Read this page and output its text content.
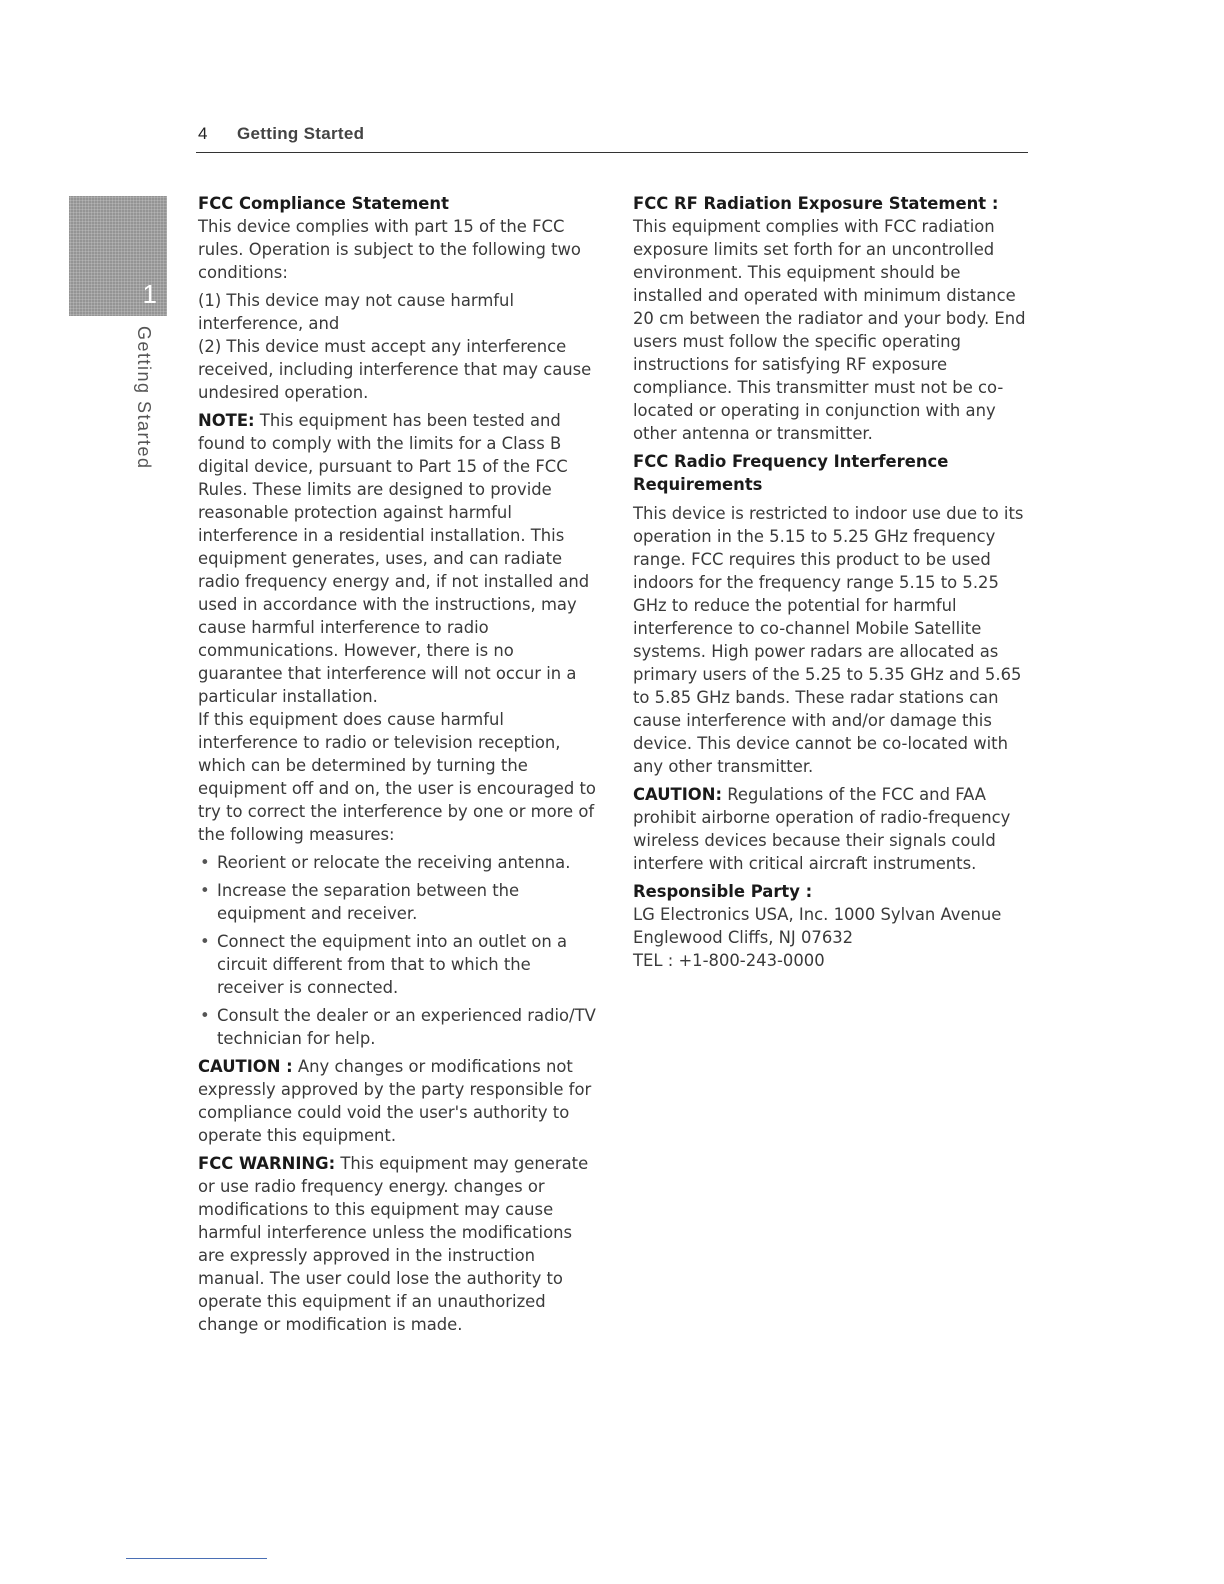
4 Getting Started
1
Getting Started
FCC Compliance Statement

This device complies with part 15 of the FCC rules. Operation is subject to the following two conditions:

(1) This device may not cause harmful interference, and

(2) This device must accept any interference received, including interference that may cause undesired operation.

NOTE: This equipment has been tested and found to comply with the limits for a Class B digital device, pursuant to Part 15 of the FCC Rules. These limits are designed to provide reasonable protection against harmful interference in a residential installation. This equipment generates, uses, and can radiate radio frequency energy and, if not installed and used in accordance with the instructions, may cause harmful interference to radio communications. However, there is no guarantee that interference will not occur in a particular installation.

If this equipment does cause harmful interference to radio or television reception, which can be determined by turning the equipment off and on, the user is encouraged to try to correct the interference by one or more of the following measures:

• Reorient or relocate the receiving antenna.
• Increase the separation between the equipment and receiver.
• Connect the equipment into an outlet on a circuit different from that to which the receiver is connected.
• Consult the dealer or an experienced radio/TV technician for help.

CAUTION : Any changes or modifications not expressly approved by the party responsible for compliance could void the user's authority to operate this equipment.

FCC WARNING: This equipment may generate or use radio frequency energy. changes or modifications to this equipment may cause harmful interference unless the modifications are expressly approved in the instruction manual. The user could lose the authority to operate this equipment if an unauthorized change or modification is made.

FCC RF Radiation Exposure Statement : This equipment complies with FCC radiation exposure limits set forth for an uncontrolled environment. This equipment should be installed and operated with minimum distance 20 cm between the radiator and your body. End users must follow the specific operating instructions for satisfying RF exposure compliance. This transmitter must not be co-located or operating in conjunction with any other antenna or transmitter.

FCC Radio Frequency Interference Requirements

This device is restricted to indoor use due to its operation in the 5.15 to 5.25 GHz frequency range. FCC requires this product to be used indoors for the frequency range 5.15 to 5.25 GHz to reduce the potential for harmful interference to co-channel Mobile Satellite systems. High power radars are allocated as primary users of the 5.25 to 5.35 GHz and 5.65 to 5.85 GHz bands. These radar stations can cause interference with and/or damage this device. This device cannot be co-located with any other transmitter.

CAUTION: Regulations of the FCC and FAA prohibit airborne operation of radio-frequency wireless devices because their signals could interfere with critical aircraft instruments.

Responsible Party :
LG Electronics USA, Inc. 1000 Sylvan Avenue
Englewood Cliffs, NJ 07632
TEL : +1-800-243-0000
